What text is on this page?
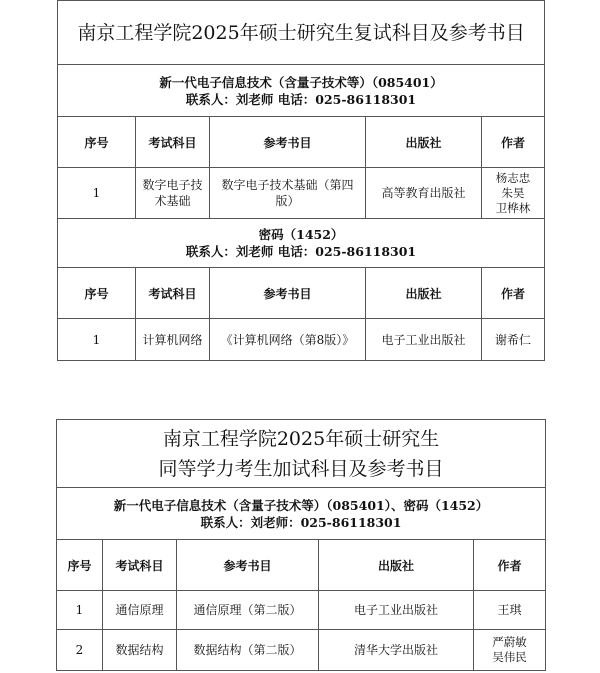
南京工程学院2025年硕士研究生复试科目及参考书目				

新一代电子信息技术（含量子技术等）（085401）
联系人：刘老师 电话：025-86118301				

序号	考试科目	参考书目	出版社	作者
1	数字电子技
术基础	数字电子技术基础（第四
版）	高等教育出版社	杨志忠
朱昊
卫桦林

密码（1452）
联系人：刘老师 电话：025-86118301				

序号	考试科目	参考书目	出版社	作者
1	计算机网络	《计算机网络（第8版）》	电子工业出版社	谢希仁
南京工程学院2025年硕士研究生
同等学力考生加试科目及参考书目				

新一代电子信息技术（含量子技术等）（085401）、密码（1452）
联系人：刘老师：025-86118301				

序号	考试科目	参考书目	出版社	作者
1	通信原理	通信原理（第二版）	电子工业出版社	王琪
2	数据结构	数据结构（第二版）	清华大学出版社	严蔚敏
吴伟民
